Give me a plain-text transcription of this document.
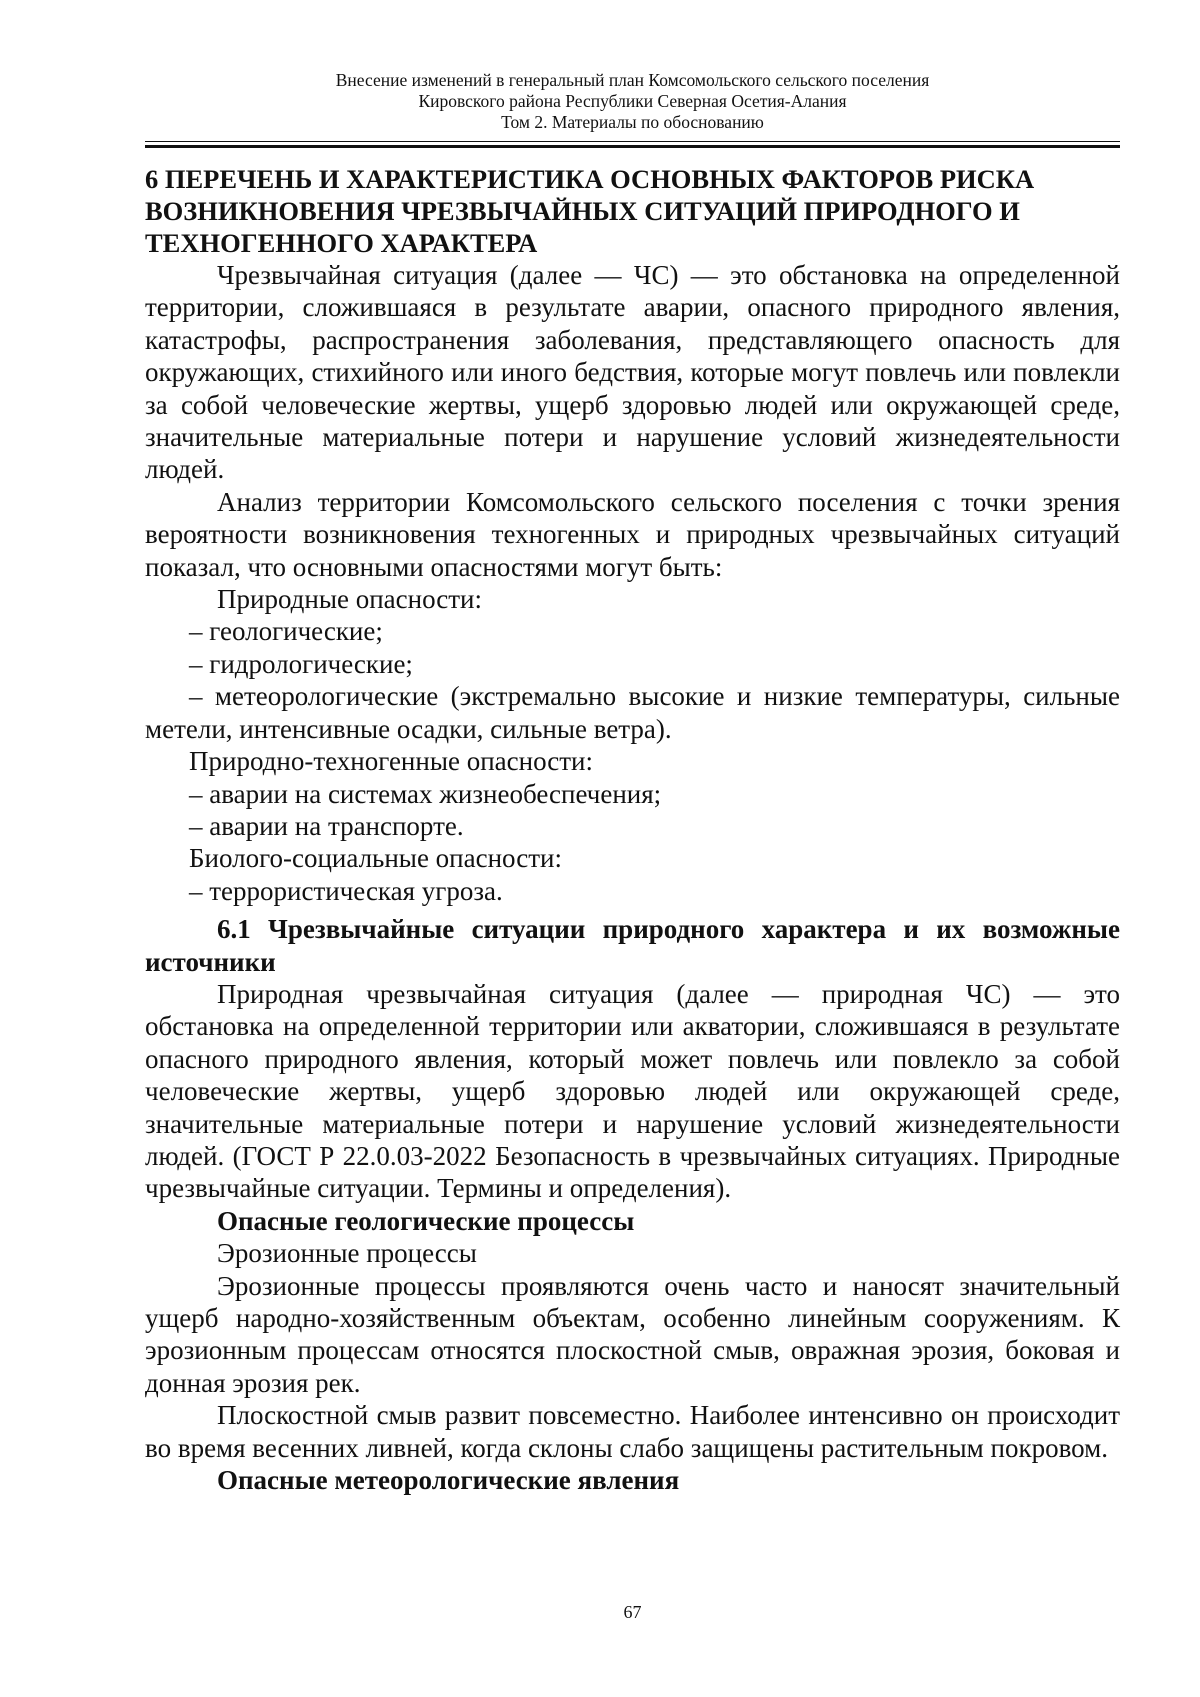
Внесение изменений в генеральный план Комсомольского сельского поселения
Кировского района Республики Северная Осетия-Алания
Том 2. Материалы по обоснованию
6 ПЕРЕЧЕНЬ И ХАРАКТЕРИСТИКА ОСНОВНЫХ ФАКТОРОВ РИСКА ВОЗНИКНОВЕНИЯ ЧРЕЗВЫЧАЙНЫХ СИТУАЦИЙ ПРИРОДНОГО И ТЕХНОГЕННОГО ХАРАКТЕРА

Чрезвычайная ситуация (далее — ЧС) — это обстановка на определенной территории, сложившаяся в результате аварии, опасного природного явления, катастрофы, распространения заболевания, представляющего опасность для окружающих, стихийного или иного бедствия, которые могут повлечь или повлекли за собой человеческие жертвы, ущерб здоровью людей или окружающей среде, значительные материальные потери и нарушение условий жизнедеятельности людей.

Анализ территории Комсомольского сельского поселения с точки зрения вероятности возникновения техногенных и природных чрезвычайных ситуаций показал, что основными опасностями могут быть:

Природные опасности:

– геологические;

– гидрологические;

– метеорологические (экстремально высокие и низкие температуры, сильные метели, интенсивные осадки, сильные ветра).

Природно-техногенные опасности:

– аварии на системах жизнеобеспечения;

– аварии на транспорте.

Биолого-социальные опасности:

– террористическая угроза.

6.1 Чрезвычайные ситуации природного характера и их возможные источники

Природная чрезвычайная ситуация (далее — природная ЧС) — это обстановка на определенной территории или акватории, сложившаяся в результате опасного природного явления, который может повлечь или повлекло за собой человеческие жертвы, ущерб здоровью людей или окружающей среде, значительные материальные потери и нарушение условий жизнедеятельности людей. (ГОСТ Р 22.0.03-2022 Безопасность в чрезвычайных ситуациях. Природные чрезвычайные ситуации. Термины и определения).

Опасные геологические процессы

Эрозионные процессы

Эрозионные процессы проявляются очень часто и наносят значительный ущерб народно-хозяйственным объектам, особенно линейным сооружениям. К эрозионным процессам относятся плоскостной смыв, овражная эрозия, боковая и донная эрозия рек.

Плоскостной смыв развит повсеместно. Наиболее интенсивно он происходит во время весенних ливней, когда склоны слабо защищены растительным покровом.

Опасные метеорологические явления

67
